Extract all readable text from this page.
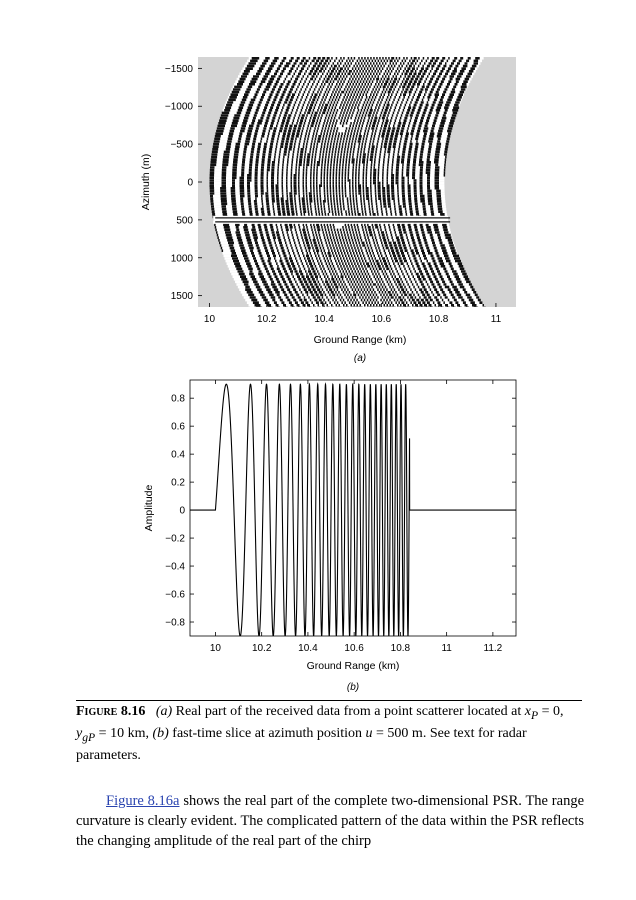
10	10.2	10.4	10.6	10.8	11
−1500
−1000
−500
0
500
1000
1500
Ground Range (km)
Azimuth (m)
(a)
10	10.2	10.4	10.6	10.8	11	11.2
−0.8
−0.6
−0.4
−0.2
0
0.2
0.4
0.6
0.8
Ground Range (km)
Amplitude
(b)
Figure 8.16 (a) Real part of the received data from a point scatterer located at $x_P = 0$, $y_{gP} = 10$ km, (b) fast-time slice at azimuth position u = 500 m. See text for radar parameters.
Figure 8.16a shows the real part of the complete two-dimensional PSR. The range curvature is clearly evident. The complicated pattern of the data within the PSR reflects the changing amplitude of the real part of the chirp
